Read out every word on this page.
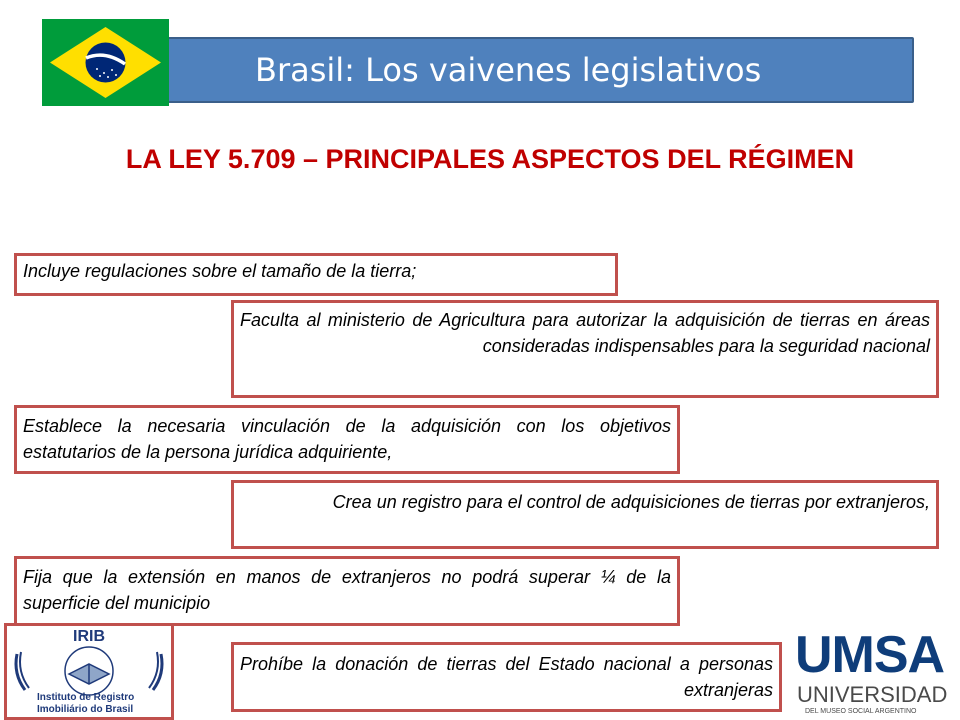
Brasil: Los vaivenes legislativos
LA LEY 5.709 – PRINCIPALES ASPECTOS DEL RÉGIMEN
Incluye regulaciones sobre el tamaño de la tierra;
Faculta al ministerio de Agricultura para autorizar la adquisición de tierras en áreas consideradas indispensables para la seguridad nacional
Establece la necesaria vinculación de la adquisición con los objetivos estatutarios de la persona jurídica adquiriente,
Crea un registro para el control de adquisiciones de tierras por extranjeros,
Fija que la extensión en manos de extranjeros no podrá superar ¼ de la superficie del municipio
Prohíbe la donación de tierras del Estado nacional a personas extranjeras
IRIB
Instituto de Registro
Imobiliário do Brasil
UMSA
UNIVERSIDAD
DEL MUSEO SOCIAL ARGENTINO
